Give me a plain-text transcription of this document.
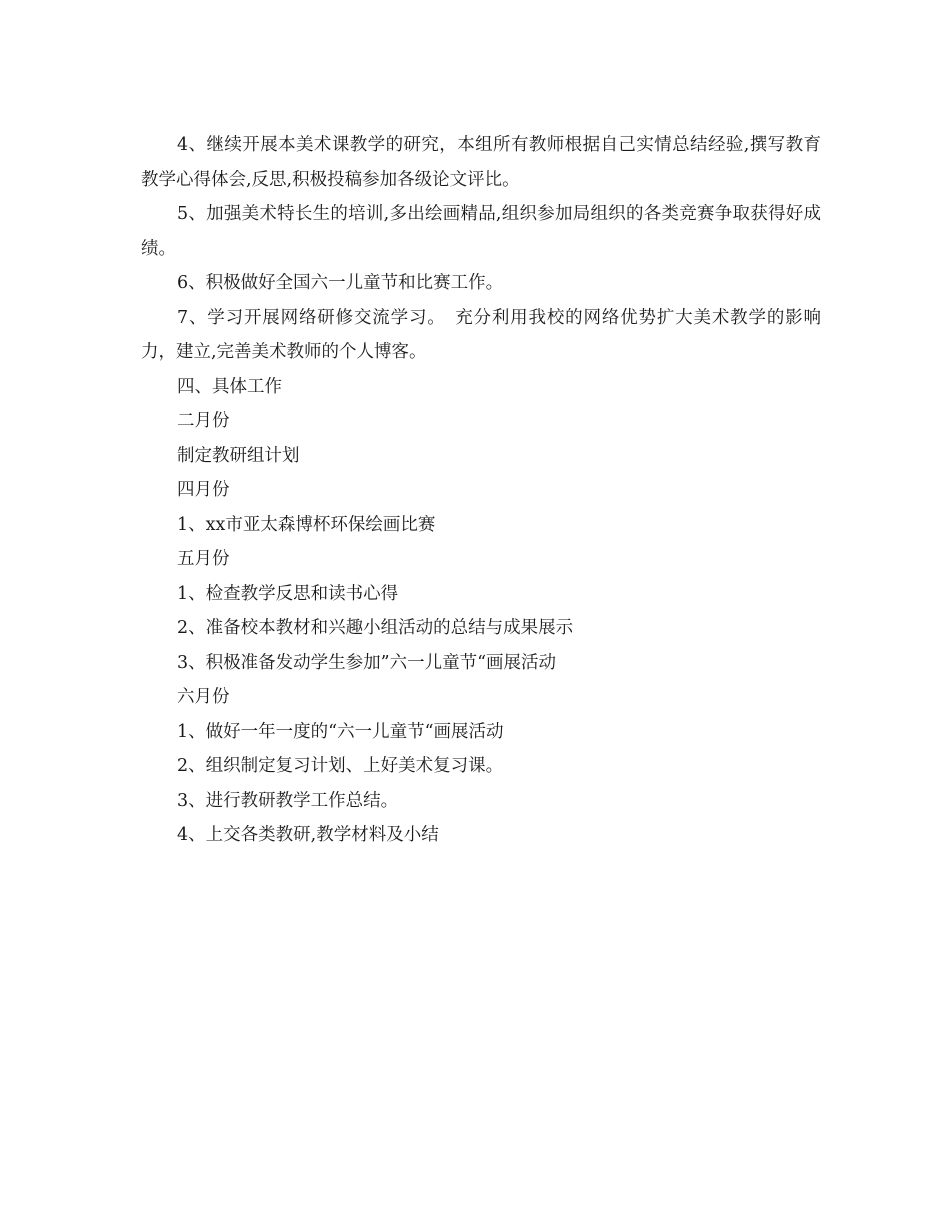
4、继续开展本美术课教学的研究，本组所有教师根据自己实情总结经验,撰写教育教学心得体会,反思,积极投稿参加各级论文评比。

5、加强美术特长生的培训,多出绘画精品,组织参加局组织的各类竞赛争取获得好成绩。

6、积极做好全国六一儿童节和比赛工作。

7、学习开展网络研修交流学习。　充分利用我校的网络优势扩大美术教学的影响力，建立,完善美术教师的个人博客。

四、具体工作

二月份

制定教研组计划

四月份

1、xx市亚太森博杯环保绘画比赛

五月份

1、检查教学反思和读书心得

2、准备校本教材和兴趣小组活动的总结与成果展示

3、积极准备发动学生参加”六一儿童节“画展活动

六月份

1、做好一年一度的“六一儿童节“画展活动

2、组织制定复习计划、上好美术复习课。

3、进行教研教学工作总结。

4、上交各类教研,教学材料及小结
